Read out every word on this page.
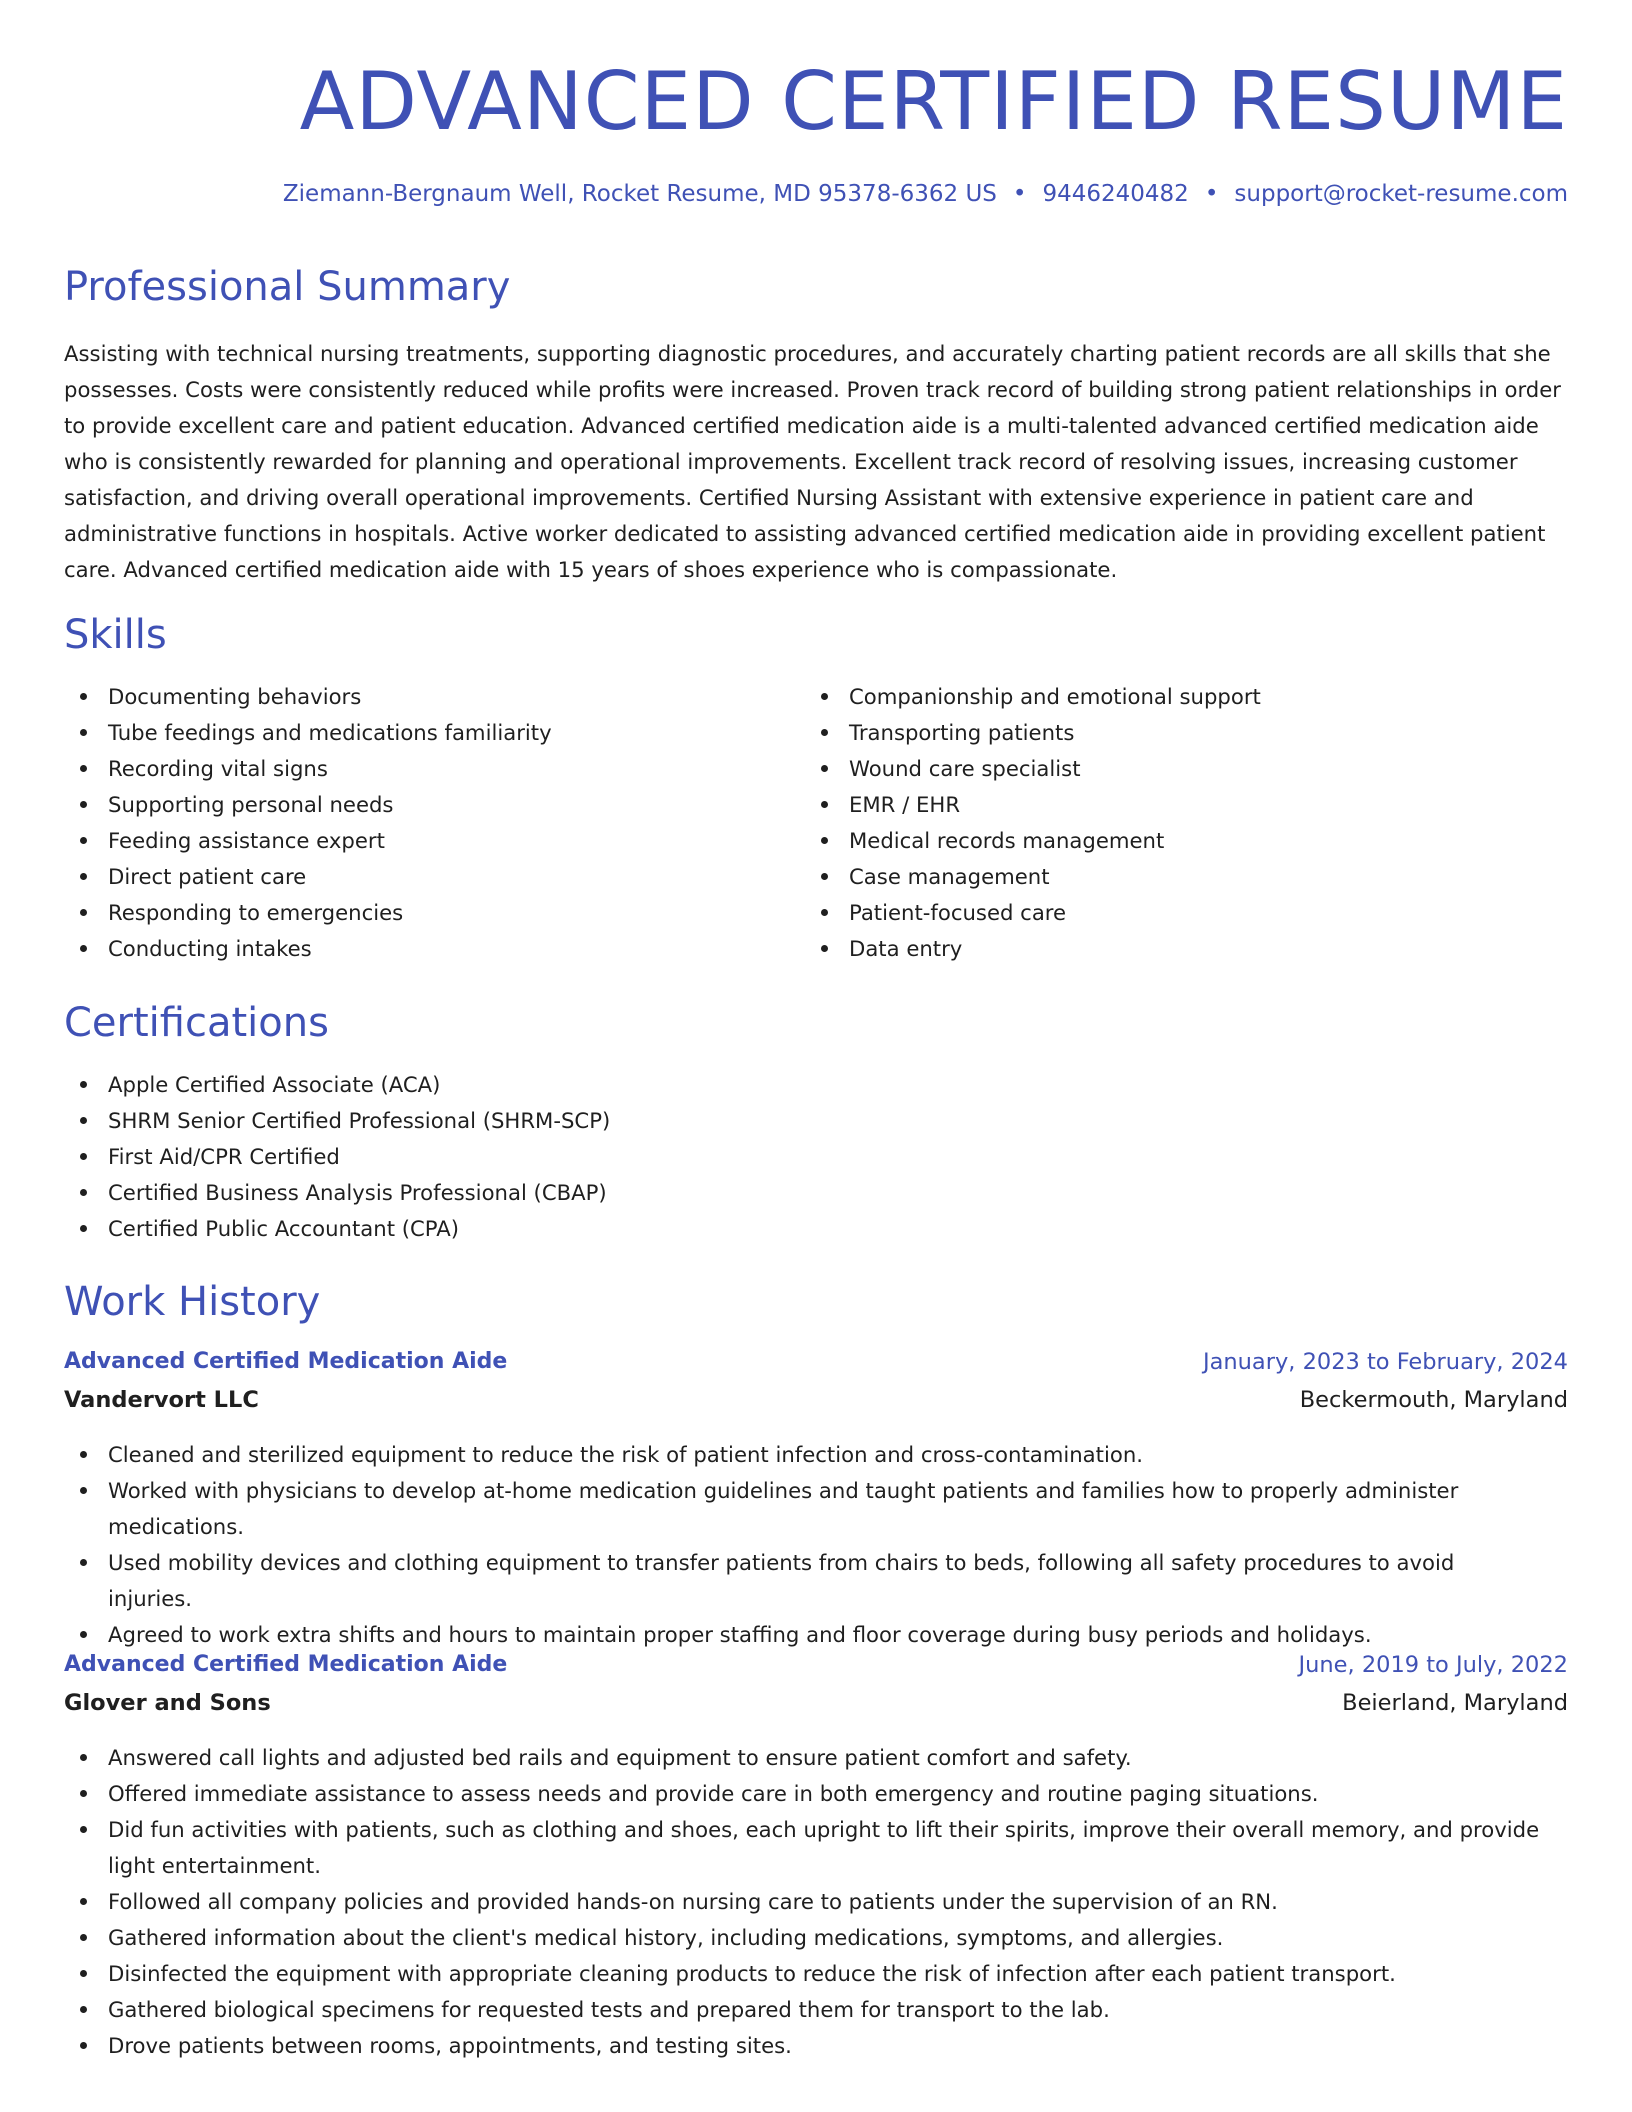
ADVANCED CERTIFIED RESUME
Ziemann-Bergnaum Well, Rocket Resume, MD 95378-6362 US • 9446240482 • support@rocket-resume.com
Professional Summary

Assisting with technical nursing treatments, supporting diagnostic procedures, and accurately charting patient records are all skills that she possesses. Costs were consistently reduced while profits were increased. Proven track record of building strong patient relationships in order to provide excellent care and patient education. Advanced certified medication aide is a multi-talented advanced certified medication aide who is consistently rewarded for planning and operational improvements. Excellent track record of resolving issues, increasing customer satisfaction, and driving overall operational improvements. Certified Nursing Assistant with extensive experience in patient care and administrative functions in hospitals. Active worker dedicated to assisting advanced certified medication aide in providing excellent patient care. Advanced certified medication aide with 15 years of shoes experience who is compassionate.

Skills
Documenting behaviors
Tube feedings and medications familiarity
Recording vital signs
Supporting personal needs
Feeding assistance expert
Direct patient care
Responding to emergencies
Conducting intakes
Companionship and emotional support
Transporting patients
Wound care specialist
EMR / EHR
Medical records management
Case management
Patient-focused care
Data entry
Certifications
Apple Certified Associate (ACA)
SHRM Senior Certified Professional (SHRM-SCP)
First Aid/CPR Certified
Certified Business Analysis Professional (CBAP)
Certified Public Accountant (CPA)
Work History
Advanced Certified Medication Aide	January, 2023 to February, 2024
Vandervort LLC	Beckermouth, Maryland
Cleaned and sterilized equipment to reduce the risk of patient infection and cross-contamination.
Worked with physicians to develop at-home medication guidelines and taught patients and families how to properly administer medications.
Used mobility devices and clothing equipment to transfer patients from chairs to beds, following all safety procedures to avoid injuries.
Agreed to work extra shifts and hours to maintain proper staffing and floor coverage during busy periods and holidays.
Advanced Certified Medication Aide	June, 2019 to July, 2022
Glover and Sons	Beierland, Maryland
Answered call lights and adjusted bed rails and equipment to ensure patient comfort and safety.
Offered immediate assistance to assess needs and provide care in both emergency and routine paging situations.
Did fun activities with patients, such as clothing and shoes, each upright to lift their spirits, improve their overall memory, and provide light entertainment.
Followed all company policies and provided hands-on nursing care to patients under the supervision of an RN.
Gathered information about the client's medical history, including medications, symptoms, and allergies.
Disinfected the equipment with appropriate cleaning products to reduce the risk of infection after each patient transport.
Gathered biological specimens for requested tests and prepared them for transport to the lab.
Drove patients between rooms, appointments, and testing sites.
